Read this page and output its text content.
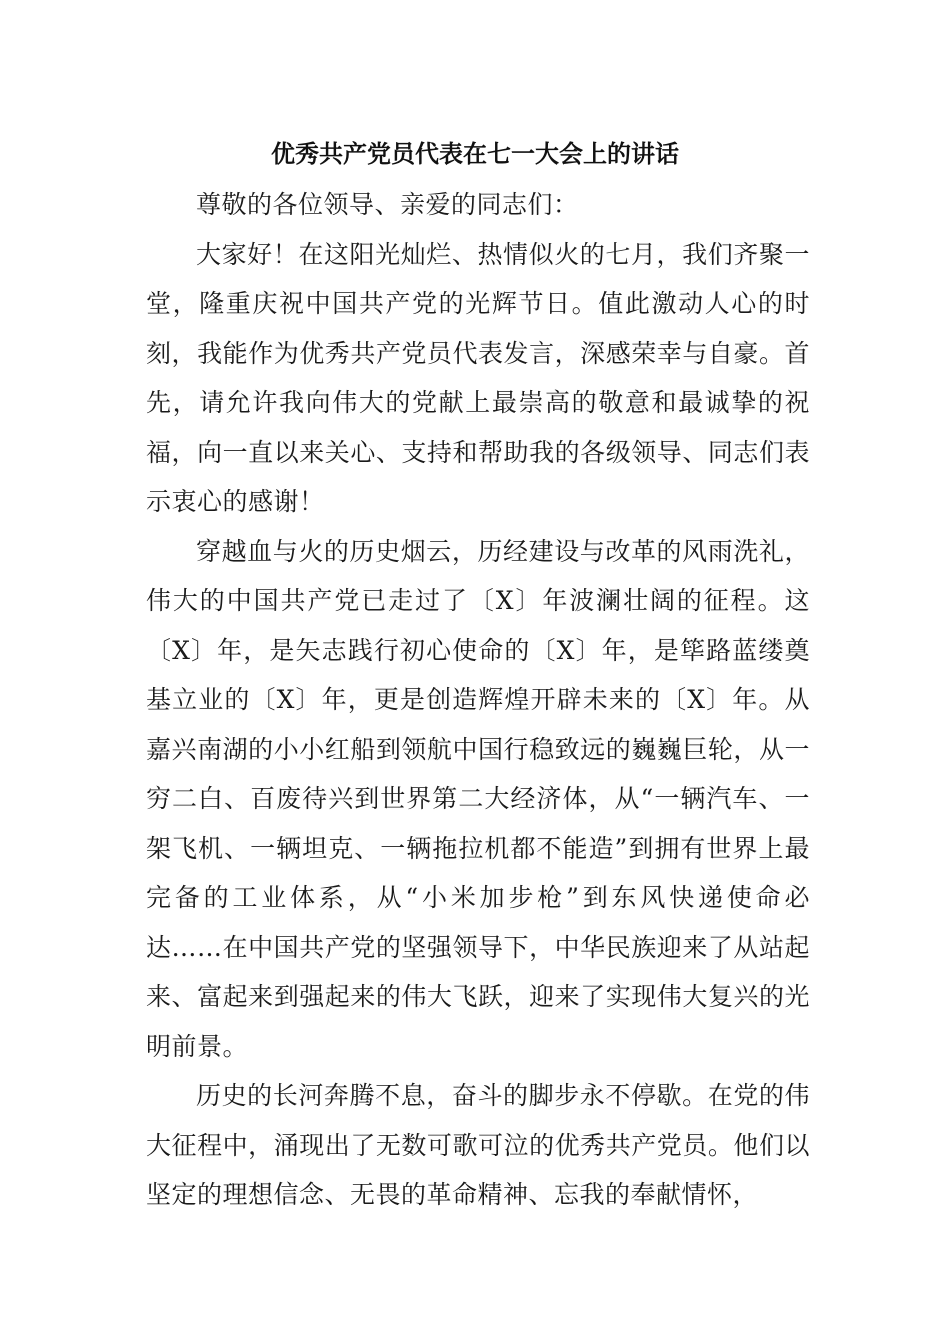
优秀共产党员代表在七一大会上的讲话

尊敬的各位领导、亲爱的同志们：

大家好！在这阳光灿烂、热情似火的七月，我们齐聚一堂，隆重庆祝中国共产党的光辉节日。值此激动人心的时刻，我能作为优秀共产党员代表发言，深感荣幸与自豪。首先，请允许我向伟大的党献上最崇高的敬意和最诚挚的祝福，向一直以来关心、支持和帮助我的各级领导、同志们表示衷心的感谢！

穿越血与火的历史烟云，历经建设与改革的风雨洗礼，伟大的中国共产党已走过了〔X〕年波澜壮阔的征程。这〔X〕年，是矢志践行初心使命的〔X〕年，是筚路蓝缕奠基立业的〔X〕年，更是创造辉煌开辟未来的〔X〕年。从嘉兴南湖的小小红船到领航中国行稳致远的巍巍巨轮，从一穷二白、百废待兴到世界第二大经济体，从“一辆汽车、一架飞机、一辆坦克、一辆拖拉机都不能造”到拥有世界上最完备的工业体系，从“小米加步枪”到东风快递使命必达……在中国共产党的坚强领导下，中华民族迎来了从站起来、富起来到强起来的伟大飞跃，迎来了实现伟大复兴的光明前景。

历史的长河奔腾不息，奋斗的脚步永不停歇。在党的伟大征程中，涌现出了无数可歌可泣的优秀共产党员。他们以坚定的理想信念、无畏的革命精神、忘我的奉献情怀，
